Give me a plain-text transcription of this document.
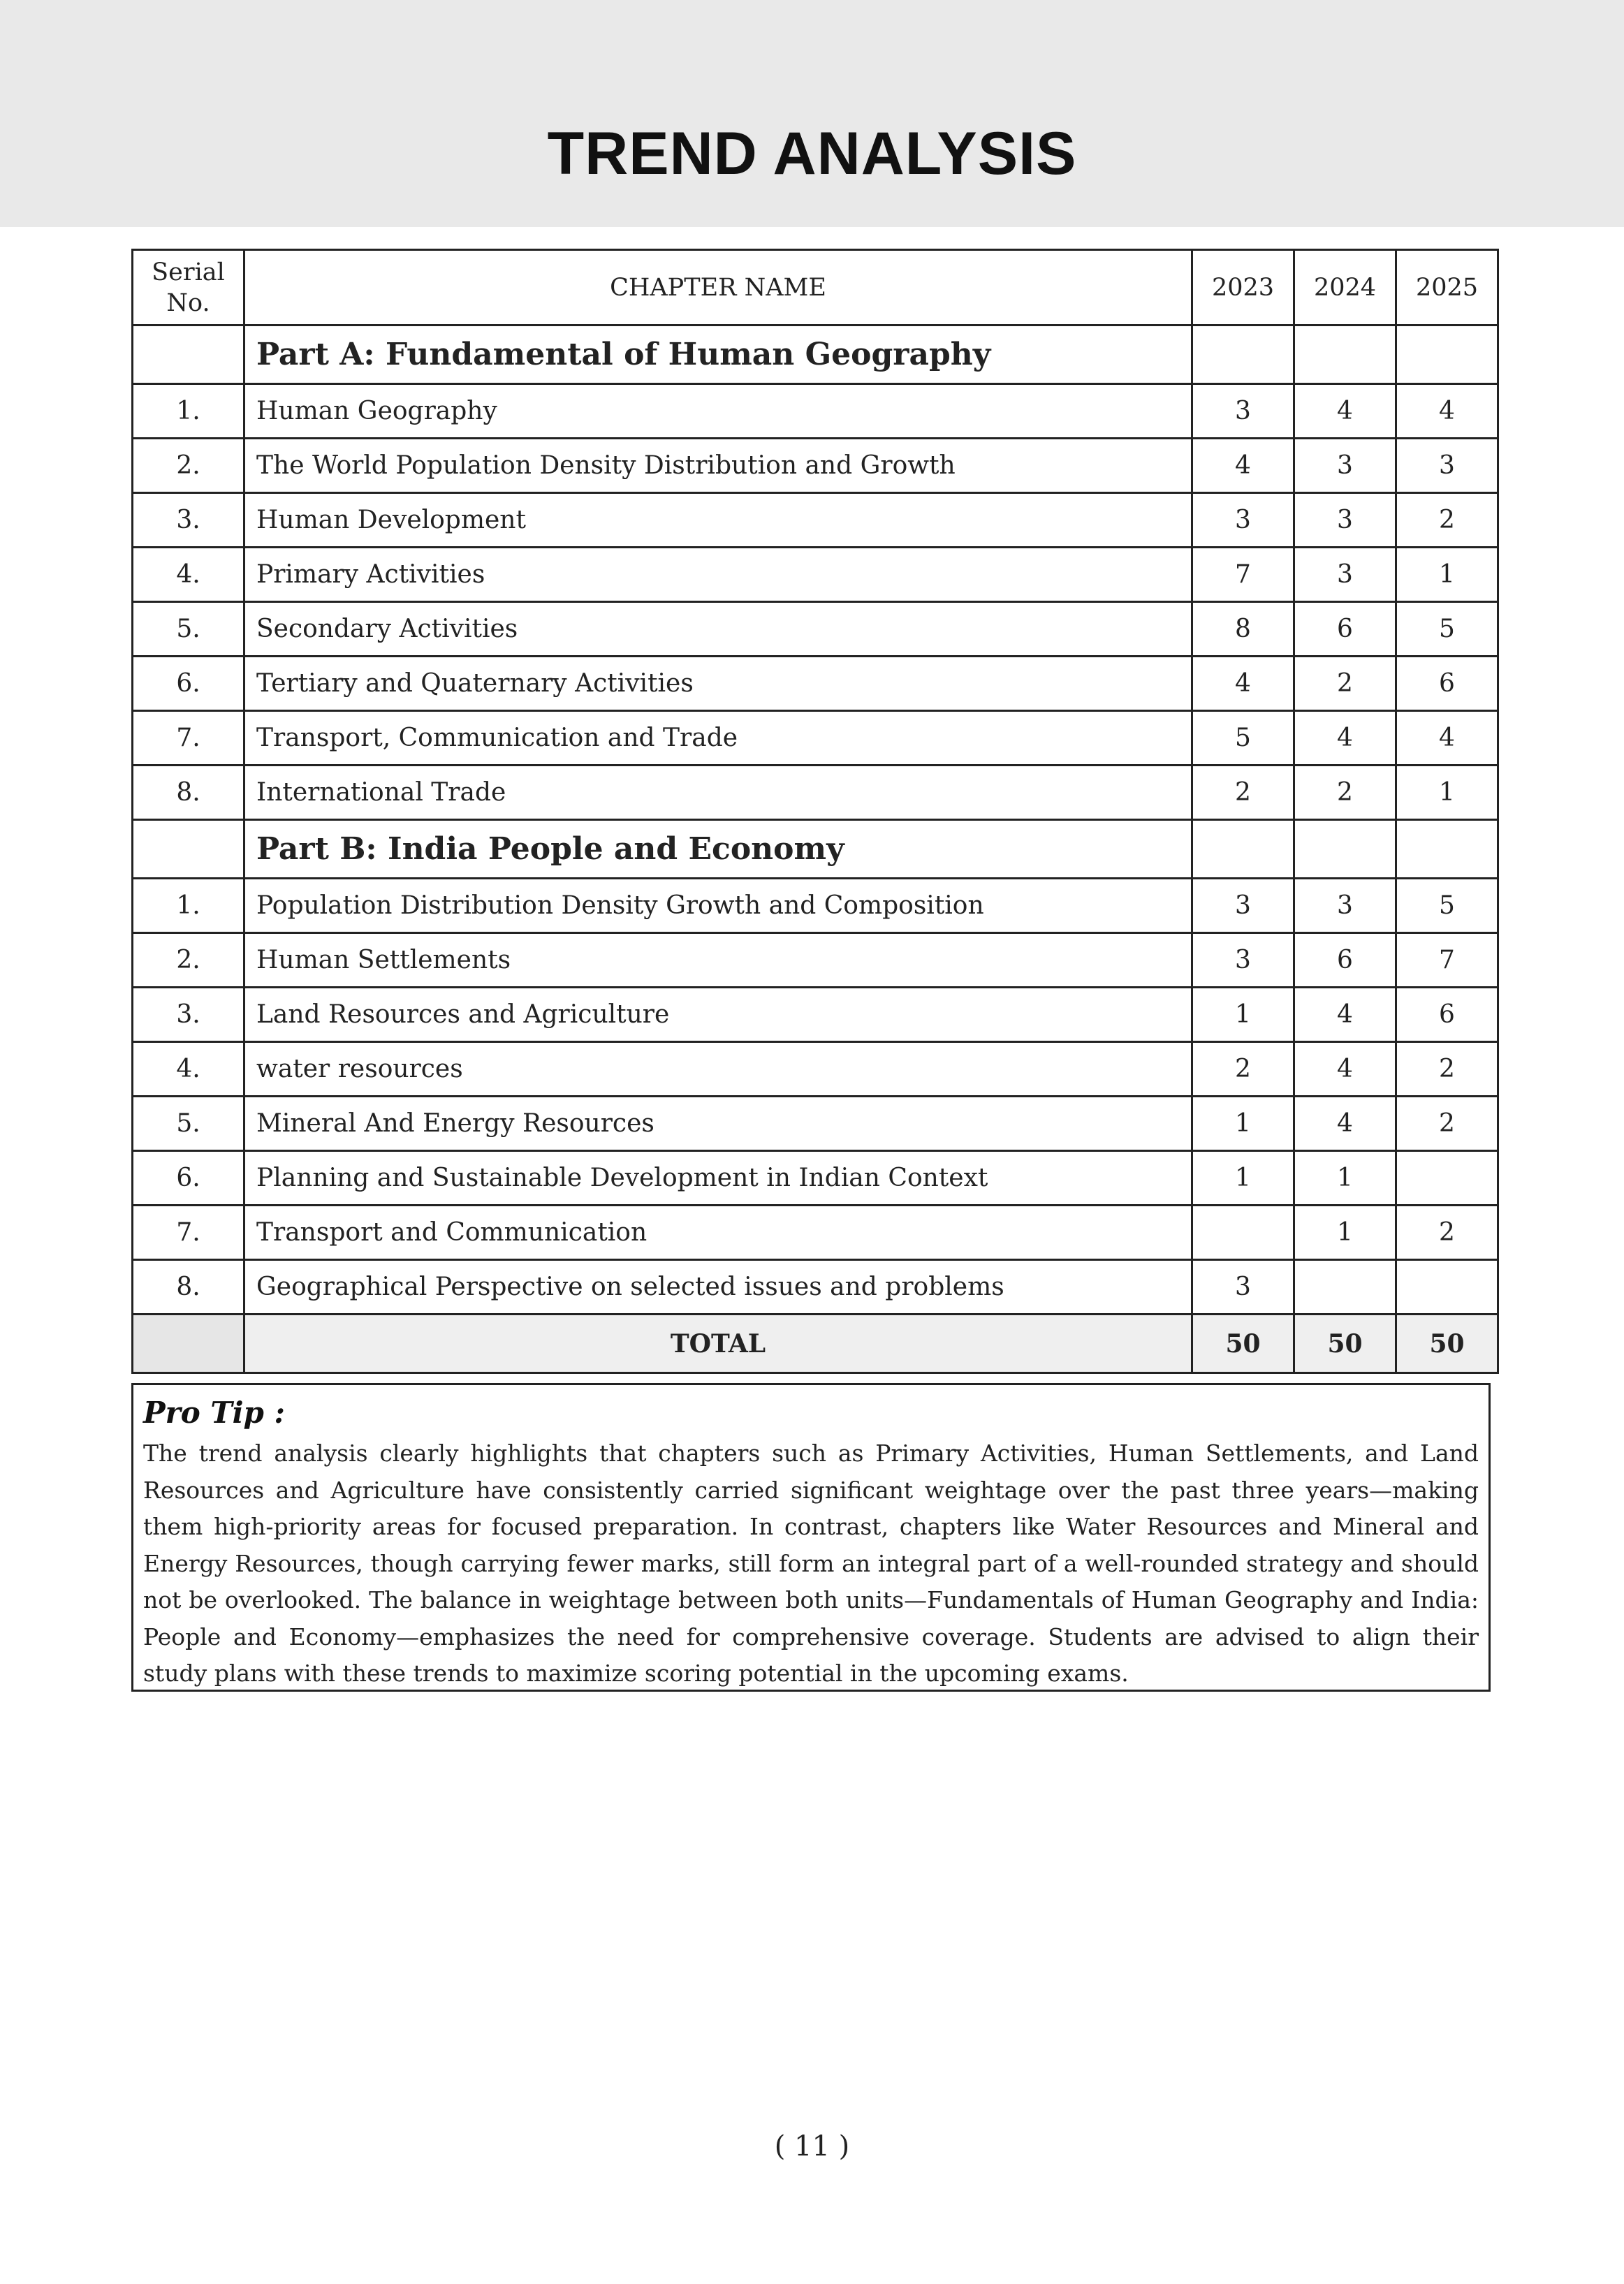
TREND ANALYSIS
Serial No.	CHAPTER NAME	2023	2024	2025
	Part A: Fundamental of Human Geography			
1.	Human Geography	3	4	4
2.	The World Population Density Distribution and Growth	4	3	3
3.	Human Development	3	3	2
4.	Primary Activities	7	3	1
5.	Secondary Activities	8	6	5
6.	Tertiary and Quaternary Activities	4	2	6
7.	Transport, Communication and Trade	5	4	4
8.	International Trade	2	2	1
	Part B: India People and Economy			
1.	Population Distribution Density Growth and Composition	3	3	5
2.	Human Settlements	3	6	7
3.	Land Resources and Agriculture	1	4	6
4.	water resources	2	4	2
5.	Mineral And Energy Resources	1	4	2
6.	Planning and Sustainable Development in Indian Context	1	1	
7.	Transport and Communication		1	2
8.	Geographical Perspective on selected issues and problems	3		
	TOTAL	50	50	50

Pro Tip :

The trend analysis clearly highlights that chapters such as Primary Activities, Human Settlements, and Land Resources and Agriculture have consistently carried significant weightage over the past three years—making them high-priority areas for focused preparation. In contrast, chapters like Water Resources and Mineral and Energy Resources, though carrying fewer marks, still form an integral part of a well-rounded strategy and should not be overlooked. The balance in weightage between both units—Fundamentals of Human Geography and India: People and Economy—emphasizes the need for comprehensive coverage. Students are advised to align their study plans with these trends to maximize scoring potential in the upcoming exams.

( 11 )
